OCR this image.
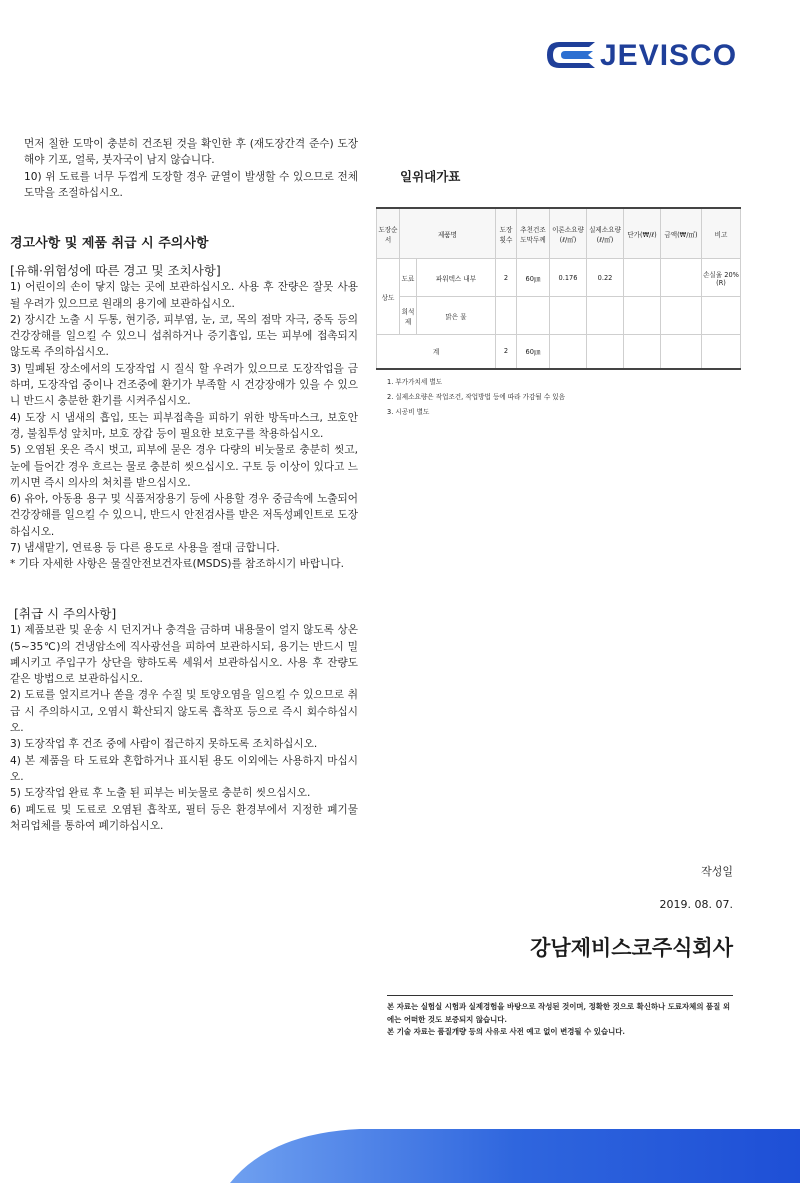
JEVISCO

먼저 칠한 도막이 충분히 건조된 것을 확인한 후 (재도장간격 준수) 도장해야 기포, 얼룩, 붓자국이 남지 않습니다.

10) 위 도료를 너무 두껍게 도장할 경우 균열이 발생할 수 있으므로 전체도막을 조절하십시오.

경고사항 및 제품 취급 시 주의사항

[유해·위험성에 따른 경고 및 조치사항]

1) 어린이의 손이 닿지 않는 곳에 보관하십시오. 사용 후 잔량은 잘못 사용될 우려가 있으므로 원래의 용기에 보관하십시오.

2) 장시간 노출 시 두통, 현기증, 피부염, 눈, 코, 목의 점막 자극, 중독 등의 건강장해를 일으킬 수 있으니 섭취하거나 증기흡입, 또는 피부에 접촉되지 않도록 주의하십시오.

3) 밀폐된 장소에서의 도장작업 시 질식 할 우려가 있으므로 도장작업을 금하며, 도장작업 중이나 건조중에 환기가 부족할 시 건강장애가 있을 수 있으니 반드시 충분한 환기를 시켜주십시오.

4) 도장 시 냄새의 흡입, 또는 피부접촉을 피하기 위한 방독마스크, 보호안경, 불침투성 앞치마, 보호 장갑 등이 필요한 보호구를 착용하십시오.

5) 오염된 옷은 즉시 벗고, 피부에 묻은 경우 다량의 비눗물로 충분히 씻고, 눈에 들어간 경우 흐르는 물로 충분히 씻으십시오. 구토 등 이상이 있다고 느끼시면 즉시 의사의 처치를 받으십시오.

6) 유아, 아동용 용구 및 식품저장용기 등에 사용할 경우 중금속에 노출되어 건강장해를 일으킬 수 있으니, 반드시 안전검사를 받은 저독성페인트로 도장하십시오.

7) 냄새맡기, 연료용 등 다른 용도로 사용을 절대 금합니다.

* 기타 자세한 사항은 물질안전보건자료(MSDS)를 참조하시기 바랍니다.

[취급 시 주의사항]

1) 제품보관 및 운송 시 던지거나 충격을 금하며 내용물이 얼지 않도록 상온(5~35℃)의 건냉암소에 직사광선을 피하여 보관하시되, 용기는 반드시 밀폐시키고 주입구가 상단을 향하도록 세워서 보관하십시오. 사용 후 잔량도 같은 방법으로 보관하십시오.

2) 도료를 엎지르거나 쏟을 경우 수질 및 토양오염을 일으킬 수 있으므로 취급 시 주의하시고, 오염시 확산되지 않도록 흡착포 등으로 즉시 회수하십시오.

3) 도장작업 후 건조 중에 사람이 접근하지 못하도록 조치하십시오.

4) 본 제품을 타 도료와 혼합하거나 표시된 용도 이외에는 사용하지 마십시오.

5) 도장작업 완료 후 노출 된 피부는 비눗물로 충분히 씻으십시오.

6) 폐도료 및 도료로 오염된 흡착포, 필터 등은 환경부에서 지정한 폐기물 처리업체를 통하여 폐기하십시오.

일위대가표
도장순서	제품명		도장횟수	추천건조도막두께	이론소요량(ℓ/㎡)	실제소요량(ℓ/㎡)	단가(₩/ℓ)	금액(₩/㎡)	비고
상도	도료	파워텍스 내부	2	60㎛	0.176	0.22			손실율 20%(R)
	희석제	맑은 물							
계			2	60㎛					
1. 부가가치세 별도
2. 실제소요량은 작업조건, 작업방법 등에 따라 가감될 수 있음
3. 시공비 별도
작성일
2019. 08. 07.
강남제비스코주식회사
본 자료는 실험실 시험과 실제경험을 바탕으로 작성된 것이며, 정확한 것으로 확신하나 도료자체의 품질 외에는 어떠한 것도 보증되지 않습니다.
본 기술 자료는 품질개량 등의 사유로 사전 예고 없이 변경될 수 있습니다.
